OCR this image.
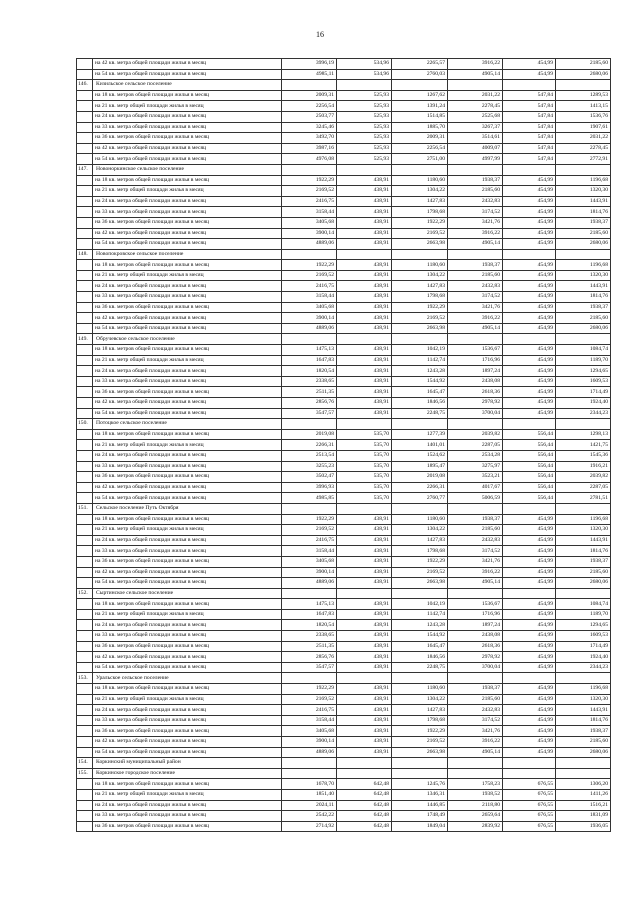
16
	на 42 кв. метра общей площади жилья в месяц	3996,19	534,96	2265,57	3916,22	454,99	2185,60
	на 54 кв. метра общей площади жилья в месяц	4985,11	534,96	2760,03	4905,14	454,99	2680,06
146.	Кизильское сельское поселение						
	на 18 кв. метров общей площади жилья в месяц	2009,31	525,93	1267,62	2031,22	547,84	1289,53
	на 21 кв. метр общей площади жилья в месяц	2256,54	525,93	1391,24	2278,45	547,84	1413,15
	на 24 кв. метра общей площади жилья в месяц	2503,77	525,93	1514,85	2525,68	547,84	1536,76
	на 33 кв. метра общей площади жилья в месяц	3245,46	525,93	1885,70	3267,37	547,84	1907,61
	на 36 кв. метров общей площади жилья в месяц	3492,70	525,93	2009,31	3514,61	547,84	2031,22
	на 42 кв. метра общей площади жилья в месяц	3987,16	525,93	2256,54	4009,07	547,84	2278,45
	на 54 кв. метра общей площади жилья в месяц	4976,08	525,93	2751,00	4997,99	547,84	2772,91
147.	Новоноркинское сельское поселение						
	на 18 кв. метров общей площади жилья в месяц	1922,29	438,91	1180,60	1938,37	454,99	1196,68
	на 21 кв. метр общей площади жилья в месяц	2169,52	438,91	1304,22	2185,60	454,99	1320,30
	на 24 кв. метра общей площади жилья в месяц	2416,75	438,91	1427,83	2432,83	454,99	1443,91
	на 33 кв. метра общей площади жилья в месяц	3158,44	438,91	1798,68	3174,52	454,99	1814,76
	на 36 кв. метров общей площади жилья в месяц	3405,68	438,91	1922,29	3421,76	454,99	1938,37
	на 42 кв. метра общей площади жилья в месяц	3900,14	438,91	2169,52	3916,22	454,99	2185,60
	на 54 кв. метра общей площади жилья в месяц	4889,06	438,91	2663,98	4905,14	454,99	2680,06
148.	Новопокровское сельское поселение						
	на 18 кв. метров общей площади жилья в месяц	1922,29	438,91	1180,60	1938,37	454,99	1196,68
	на 21 кв. метр общей площади жилья в месяц	2169,52	438,91	1304,22	2185,60	454,99	1320,30
	на 24 кв. метра общей площади жилья в месяц	2416,75	438,91	1427,83	2432,83	454,99	1443,91
	на 33 кв. метра общей площади жилья в месяц	3158,44	438,91	1798,68	3174,52	454,99	1814,76
	на 36 кв. метров общей площади жилья в месяц	3405,68	438,91	1922,29	3421,76	454,99	1938,37
	на 42 кв. метра общей площади жилья в месяц	3900,14	438,91	2169,52	3916,22	454,99	2185,60
	на 54 кв. метра общей площади жилья в месяц	4889,06	438,91	2663,98	4905,14	454,99	2680,06
149.	Обручевское сельское поселение						
	на 18 кв. метров общей площади жилья в месяц	1475,13	438,91	1042,19	1536,67	454,99	1084,74
	на 21 кв. метр общей площади жилья в месяц	1647,83	438,91	1142,74	1716,96	454,99	1189,70
	на 24 кв. метра общей площади жилья в месяц	1820,54	438,91	1243,28	1897,24	454,99	1294,65
	на 33 кв. метра общей площади жилья в месяц	2338,65	438,91	1544,92	2438,08	454,99	1609,53
	на 36 кв. метров общей площади жилья в месяц	2511,35	438,91	1645,47	2618,36	454,99	1714,49
	на 42 кв. метра общей площади жилья в месяц	2856,76	438,91	1846,56	2978,92	454,99	1924,40
	на 54 кв. метра общей площади жилья в месяц	3547,57	438,91	2248,75	3700,04	454,99	2344,23
150.	Потоцкое сельское поселение						
	на 18 кв. метров общей площади жилья в месяц	2019,08	535,70	1277,39	2039,82	556,44	1298,13
	на 21 кв. метр общей площади жилья в месяц	2266,31	535,70	1401,01	2287,05	556,44	1421,75
	на 24 кв. метра общей площади жилья в месяц	2513,54	535,70	1524,62	2534,28	556,44	1545,36
	на 33 кв. метра общей площади жилья в месяц	3255,23	535,70	1895,47	3275,97	556,44	1916,21
	на 36 кв. метров общей площади жилья в месяц	3502,47	535,70	2019,08	3523,21	556,44	2039,82
	на 42 кв. метра общей площади жилья в месяц	3996,93	535,70	2266,31	4017,67	556,44	2287,05
	на 54 кв. метра общей площади жилья в месяц	4985,85	535,70	2760,77	5006,59	556,44	2781,51
151.	Сельское поселение Путь Октября						
	на 18 кв. метров общей площади жилья в месяц	1922,29	438,91	1180,60	1938,37	454,99	1196,68
	на 21 кв. метр общей площади жилья в месяц	2169,52	438,91	1304,22	2185,60	454,99	1320,30
	на 24 кв. метра общей площади жилья в месяц	2416,75	438,91	1427,83	2432,83	454,99	1443,91
	на 33 кв. метра общей площади жилья в месяц	3158,44	438,91	1798,68	3174,52	454,99	1814,76
	на 36 кв. метров общей площади жилья в месяц	3405,68	438,91	1922,29	3421,76	454,99	1938,37
	на 42 кв. метра общей площади жилья в месяц	3900,14	438,91	2169,52	3916,22	454,99	2185,60
	на 54 кв. метра общей площади жилья в месяц	4889,06	438,91	2663,98	4905,14	454,99	2680,06
152.	Сыртинское сельское поселение						
	на 18 кв. метров общей площади жилья в месяц	1475,13	438,91	1042,19	1536,67	454,99	1084,74
	на 21 кв. метр общей площади жилья в месяц	1647,83	438,91	1142,74	1716,96	454,99	1189,70
	на 24 кв. метра общей площади жилья в месяц	1820,54	438,91	1243,28	1897,24	454,99	1294,65
	на 33 кв. метра общей площади жилья в месяц	2338,65	438,91	1544,92	2438,08	454,99	1609,53
	на 36 кв. метров общей площади жилья в месяц	2511,35	438,91	1645,47	2618,36	454,99	1714,49
	на 42 кв. метра общей площади жилья в месяц	2856,76	438,91	1846,56	2978,92	454,99	1924,40
	на 54 кв. метра общей площади жилья в месяц	3547,57	438,91	2248,75	3700,04	454,99	2344,23
153.	Уральское сельское поселение						
	на 18 кв. метров общей площади жилья в месяц	1922,29	438,91	1180,60	1938,37	454,99	1196,68
	на 21 кв. метр общей площади жилья в месяц	2169,52	438,91	1304,22	2185,60	454,99	1320,30
	на 24 кв. метра общей площади жилья в месяц	2416,75	438,91	1427,83	2432,83	454,99	1443,91
	на 33 кв. метра общей площади жилья в месяц	3158,44	438,91	1798,68	3174,52	454,99	1814,76
	на 36 кв. метров общей площади жилья в месяц	3405,68	438,91	1922,29	3421,76	454,99	1938,37
	на 42 кв. метра общей площади жилья в месяц	3900,14	438,91	2169,52	3916,22	454,99	2185,60
	на 54 кв. метра общей площади жилья в месяц	4889,06	438,91	2663,98	4905,14	454,99	2680,06
154.	Коркинский муниципальный район						
155.	Коркинское городское поселение						
	на 18 кв. метров общей площади жилья в месяц	1678,70	642,48	1245,76	1758,23	676,55	1306,20
	на 21 кв. метр общей площади жилья в месяц	1851,40	642,48	1346,31	1938,52	676,55	1411,26
	на 24 кв. метра общей площади жилья в месяц	2024,11	642,48	1446,85	2118,80	676,55	1516,21
	на 33 кв. метра общей площади жилья в месяц	2542,22	642,48	1748,49	2659,64	676,55	1831,09
	на 36 кв. метров общей площади жилья в месяц	2714,92	642,48	1849,04	2839,92	676,55	1936,05
